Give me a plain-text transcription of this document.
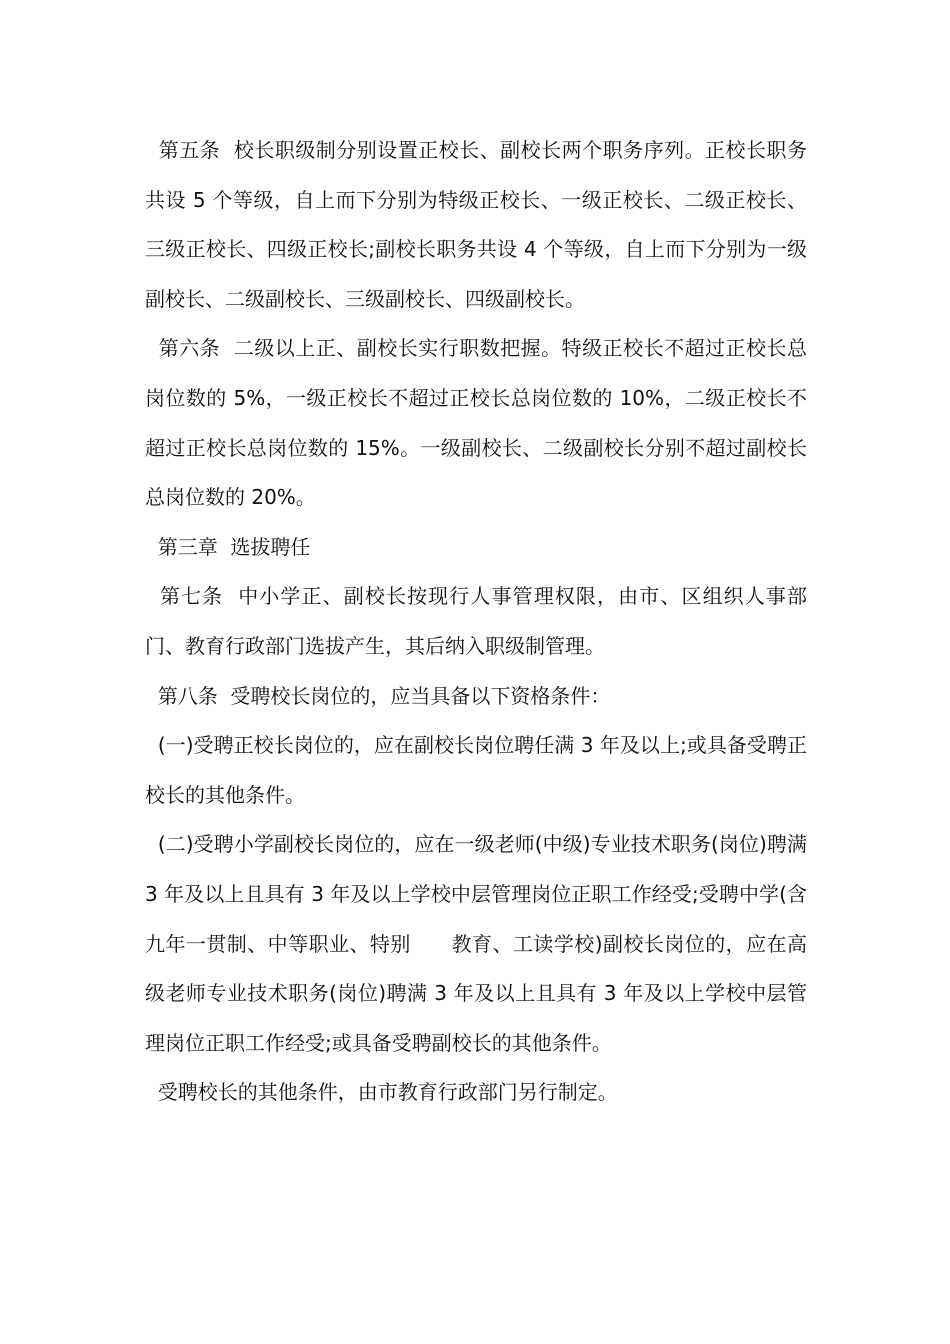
第五条  校长职级制分别设置正校长、副校长两个职务序列。正校长职务共设 5 个等级，自上而下分别为特级正校长、一级正校长、二级正校长、三级正校长、四级正校长;副校长职务共设 4 个等级，自上而下分别为一级副校长、二级副校长、三级副校长、四级副校长。

第六条  二级以上正、副校长实行职数把握。特级正校长不超过正校长总岗位数的 5%，一级正校长不超过正校长总岗位数的 10%，二级正校长不超过正校长总岗位数的 15%。一级副校长、二级副校长分别不超过副校长总岗位数的 20%。

第三章  选拔聘任

第七条  中小学正、副校长按现行人事管理权限，由市、区组织人事部门、教育行政部门选拔产生，其后纳入职级制管理。

第八条  受聘校长岗位的，应当具备以下资格条件：

(一)受聘正校长岗位的，应在副校长岗位聘任满 3 年及以上;或具备受聘正校长的其他条件。

(二)受聘小学副校长岗位的，应在一级老师(中级)专业技术职务(岗位)聘满 3 年及以上且具有 3 年及以上学校中层管理岗位正职工作经受;受聘中学(含九年一贯制、中等职业、特别      教育、工读学校)副校长岗位的，应在高级老师专业技术职务(岗位)聘满 3 年及以上且具有 3 年及以上学校中层管理岗位正职工作经受;或具备受聘副校长的其他条件。

受聘校长的其他条件，由市教育行政部门另行制定。
